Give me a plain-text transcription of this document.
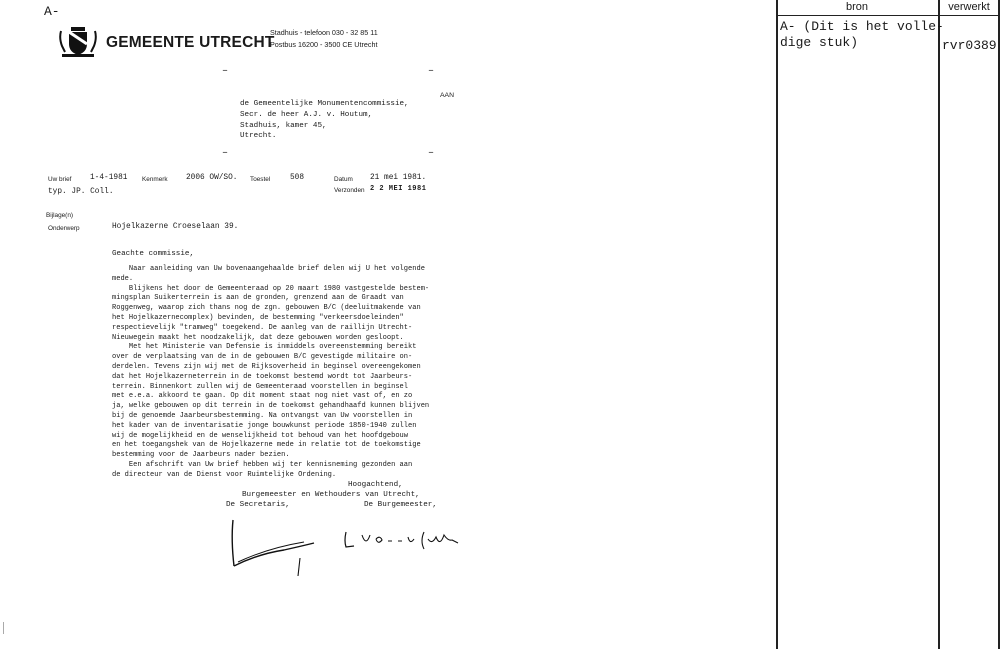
A-
GEMEENTE UTRECHT
Stadhuis - telefoon 030 - 32 85 11
Postbus 16200 - 3500 CE Utrecht
–	–
AAN
de Gemeentelijke Monumentencommissie,
Secr. de heer A.J. v. Houtum,
Stadhuis, kamer 45,
Utrecht.
–	–
Uw brief 1-4-1981 Kenmerk 2006 OW/SO. Toestel	508	Datum 21 mei 1981.
Verzonden 2 2 MEI 1981
typ. JP. Coll.
Bijlage(n)
Onderwerp	Hojelkazerne Croeselaan 39.
Geachte commissie,
Naar aanleiding van Uw bovenaangehaalde brief delen wij U het volgende
mede.
Blijkens het door de Gemeenteraad op 20 maart 1980 vastgestelde bestem-
mingsplan Suikerterrein is aan de gronden, grenzend aan de Graadt van
Roggenweg, waarop zich thans nog de zgn. gebouwen B/C (deeluitmakende van
het Hojelkazernecomplex) bevinden, de bestemming "verkeersdoeleinden"
respectievelijk "tramweg" toegekend. De aanleg van de raillijn Utrecht-
Nieuwegein maakt het noodzakelijk, dat deze gebouwen worden gesloopt.
Met het Ministerie van Defensie is inmiddels overeenstemming bereikt
over de verplaatsing van de in de gebouwen B/C gevestigde militaire on-
derdelen. Tevens zijn wij met de Rijksoverheid in beginsel overeengekomen
dat het Hojelkazerneterrein in de toekomst bestemd wordt tot Jaarbeurs-
terrein. Binnenkort zullen wij de Gemeenteraad voorstellen in beginsel
met e.e.a. akkoord te gaan. Op dit moment staat nog niet vast of, en zo
ja, welke gebouwen op dit terrein in de toekomst gehandhaafd kunnen blijven
bij de genoemde Jaarbeursbestemming. Na ontvangst van Uw voorstellen in
het kader van de inventarisatie jonge bouwkunst periode 1850-1940 zullen
wij de mogelijkheid en de wenselijkheid tot behoud van het hoofdgebouw
en het toegangshek van de Hojelkazerne mede in relatie tot de toekomstige
bestemming voor de Jaarbeurs nader bezien.
Een afschrift van Uw brief hebben wij ter kennisneming gezonden aan
de directeur van de Dienst voor Ruimtelijke Ordening.
Hoogachtend,
Burgemeester en Wethouders van Utrecht,
De Secretaris,	De Burgemeester,
bron	verwerkt
A- (Dit is het volle-
dige stuk)	rvr0389
